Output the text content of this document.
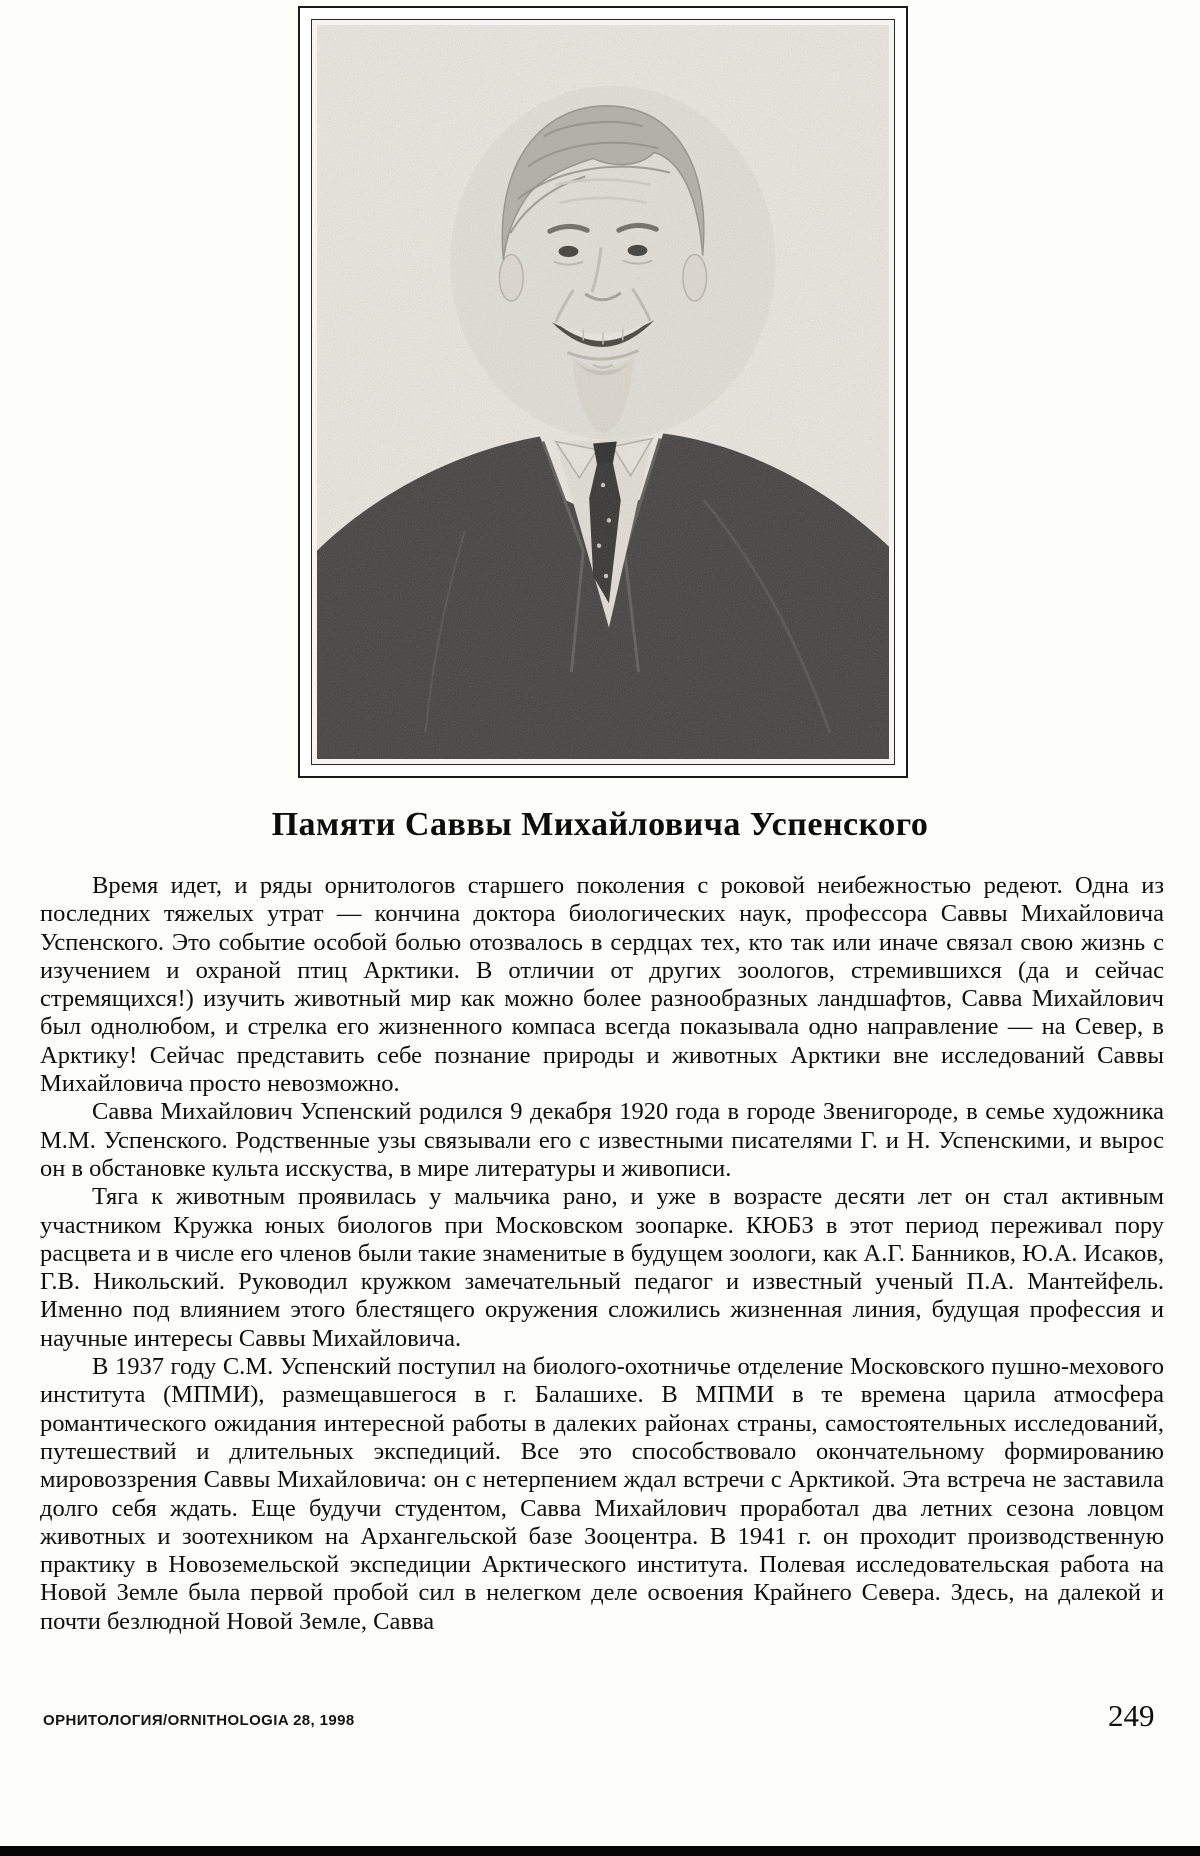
Памяти Саввы Михайловича Успенского

Время идет, и ряды орнитологов старшего поколения с роковой неибежностью редеют. Одна из последних тяжелых утрат — кончина доктора биологических наук, профессора Саввы Михайловича Успенского. Это событие особой болью отозвалось в сердцах тех, кто так или иначе связал свою жизнь с изучением и охраной птиц Арктики. В отличии от других зоологов, стремившихся (да и сейчас стремящихся!) изучить животный мир как можно более разнообразных ландшафтов, Савва Михайлович был однолюбом, и стрелка его жизненного компаса всегда показывала одно направление — на Север, в Арктику! Сейчас представить себе познание природы и животных Арктики вне исследований Саввы Михайловича просто невозможно.

Савва Михайлович Успенский родился 9 декабря 1920 года в городе Звенигороде, в семье художника М.М. Успенского. Родственные узы связывали его с известными писателями Г. и Н. Успенскими, и вырос он в обстановке культа исскуства, в мире литературы и живописи.

Тяга к животным проявилась у мальчика рано, и уже в возрасте десяти лет он стал активным участником Кружка юных биологов при Московском зоопарке. КЮБЗ в этот период переживал пору расцвета и в числе его членов были такие знаменитые в будущем зоологи, как А.Г. Банников, Ю.А. Исаков, Г.В. Никольский. Руководил кружком замечательный педагог и известный ученый П.А. Мантейфель. Именно под влиянием этого блестящего окружения сложились жизненная линия, будущая профессия и научные интересы Саввы Михайловича.

В 1937 году С.М. Успенский поступил на биолого-охотничье отделение Московского пушно-мехового института (МПМИ), размещавшегося в г. Балашихе. В МПМИ в те времена царила атмосфера романтического ожидания интересной работы в далеких районах страны, самостоятельных исследований, путешествий и длительных экспедиций. Все это способствовало окончательному формированию мировоззрения Саввы Михайловича: он с нетерпением ждал встречи с Арктикой. Эта встреча не заставила долго себя ждать. Еще будучи студентом, Савва Михайлович проработал два летних сезона ловцом животных и зоотехником на Архангельской базе Зооцентра. В 1941 г. он проходит производственную практику в Новоземельской экспедиции Арктического института. Полевая исследовательская работа на Новой Земле была первой пробой сил в нелегком деле освоения Крайнего Севера. Здесь, на далекой и почти безлюдной Новой Земле, Савва

ОРНИТОЛОГИЯ/ORNITHOLOGIA 28, 1998	249
